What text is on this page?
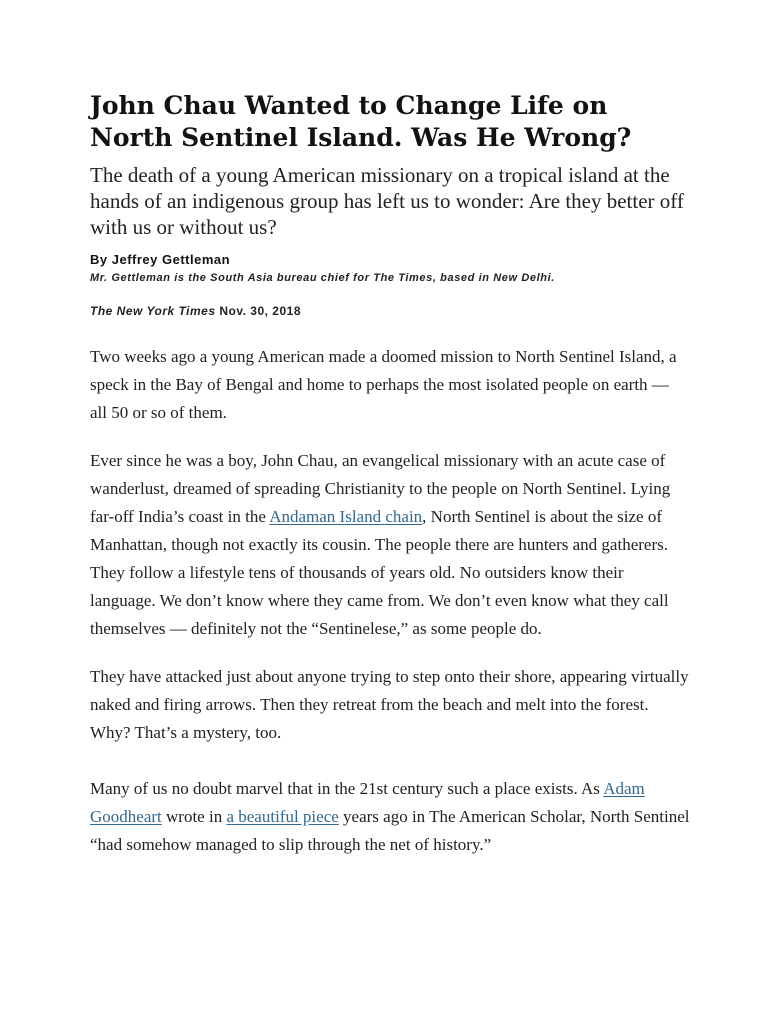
John Chau Wanted to Change Life on North Sentinel Island. Was He Wrong?

The death of a young American missionary on a tropical island at the hands of an indigenous group has left us to wonder: Are they better off with us or without us?

By Jeffrey Gettleman

Mr. Gettleman is the South Asia bureau chief for The Times, based in New Delhi.

The New York Times Nov. 30, 2018

Two weeks ago a young American made a doomed mission to North Sentinel Island, a speck in the Bay of Bengal and home to perhaps the most isolated people on earth — all 50 or so of them.

Ever since he was a boy, John Chau, an evangelical missionary with an acute case of wanderlust, dreamed of spreading Christianity to the people on North Sentinel. Lying far-off India’s coast in the Andaman Island chain, North Sentinel is about the size of Manhattan, though not exactly its cousin. The people there are hunters and gatherers. They follow a lifestyle tens of thousands of years old. No outsiders know their language. We don’t know where they came from. We don’t even know what they call themselves — definitely not the “Sentinelese,” as some people do.

They have attacked just about anyone trying to step onto their shore, appearing virtually naked and firing arrows. Then they retreat from the beach and melt into the forest. Why? That’s a mystery, too.

Many of us no doubt marvel that in the 21st century such a place exists. As Adam Goodheart wrote in a beautiful piece years ago in The American Scholar, North Sentinel “had somehow managed to slip through the net of history.”
